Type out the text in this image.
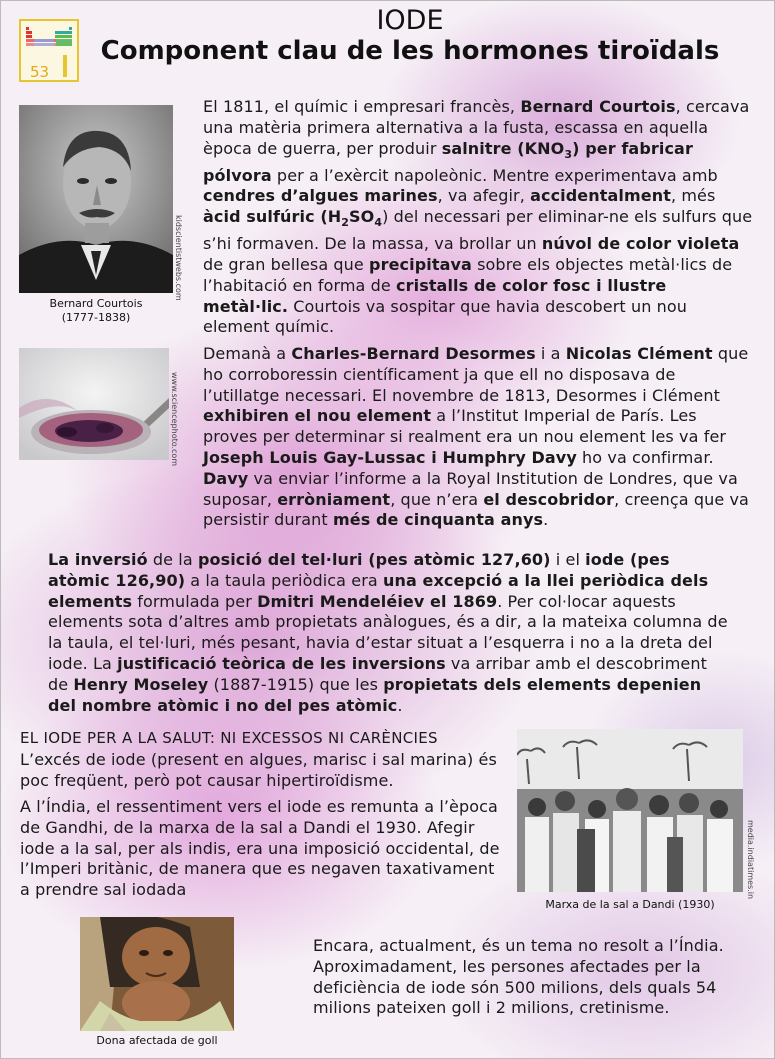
53
IODE
Component clau de les hormones tiroïdals
kidscientistwebs.com
Bernard Courtois
(1777-1838)
El 1811, el químic i empresari francès, Bernard Courtois, cercava una matèria primera alternativa a la fusta, escassa en aquella època de guerra, per produir salnitre $(KNO_3)$ per fabricar pólvora per a l’exèrcit napoleònic. Mentre experimentava amb cendres d’algues marines, va afegir, accidentalment, més àcid sulfúric $(H_2SO_4)$ del necessari per eliminar-ne els sulfurs que s’hi formaven. De la massa, va brollar un núvol de color violeta de gran bellesa que precipitava sobre els objectes metàl·lics de l’habitació en forma de cristalls de color fosc i llustre metàl·lic. Courtois va sospitar que havia descobert un nou element químic.
www.sciencephoto.com
Demanà a Charles-Bernard Desormes i a Nicolas Clément que ho corroboressin científicament ja que ell no disposava de l’utillatge necessari. El novembre de 1813, Desormes i Clément exhibiren el nou element a l’Institut Imperial de París. Les proves per determinar si realment era un nou element les va fer Joseph Louis Gay-Lussac i Humphry Davy ho va confirmar. Davy va enviar l’informe a la Royal Institution de Londres, que va suposar, erròniament, que n’era el descobridor, creença que va persistir durant més de cinquanta anys.
La inversió de la posició del tel·luri (pes atòmic 127,60) i el iode (pes atòmic 126,90) a la taula periòdica era una excepció a la llei periòdica dels elements formulada per Dmitri Mendeléiev el 1869. Per col·locar aquests elements sota d’altres amb propietats anàlogues, és a dir, a la mateixa columna de la taula, el tel·luri, més pesant, havia d’estar situat a l’esquerra i no a la dreta del iode. La justificació teòrica de les inversions va arribar amb el descobriment de Henry Moseley (1887-1915) que les propietats dels elements depenien del nombre atòmic i no del pes atòmic.
EL IODE PER A LA SALUT: NI EXCESSOS NI CARÈNCIES
L’excés de iode (present en algues, marisc i sal marina) és poc freqüent, però pot causar hipertiroïdisme.
A l’Índia, el ressentiment vers el iode es remunta a l’època de Gandhi, de la marxa de la sal a Dandi el 1930. Afegir iode a la sal, per als indis, era una imposició occidental, de l’Imperi britànic, de manera que es negaven taxativament a prendre sal iodada	media.indiatimes.in
Marxa de la sal a Dandi (1930)
Dona afectada de goll
Encara, actualment, és un tema no resolt a l’Índia. Aproximadament, les persones afectades per la deficiència de iode són 500 milions, dels quals 54 milions pateixen goll i 2 milions, cretinisme.
